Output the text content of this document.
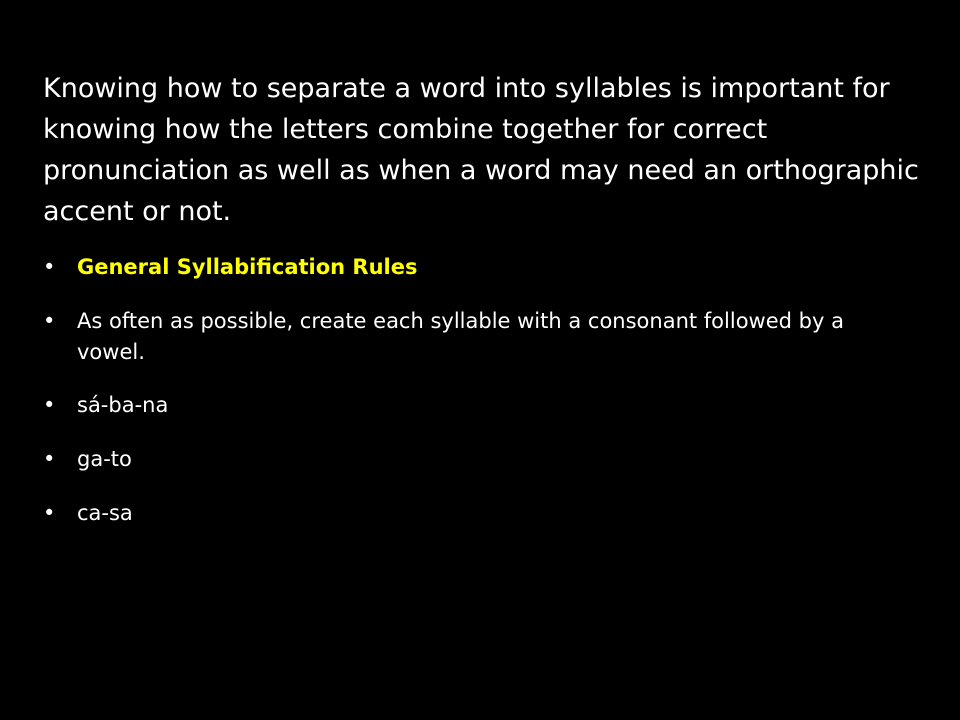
Knowing how to separate a word into syllables is important for knowing how the letters combine together for correct pronunciation as well as when a word may need an orthographic accent or not.

•	General Syllabification Rules
•	As often as possible, create each syllable with a consonant followed by a vowel.
•	sá-ba-na
•	ga-to
•	ca-sa
